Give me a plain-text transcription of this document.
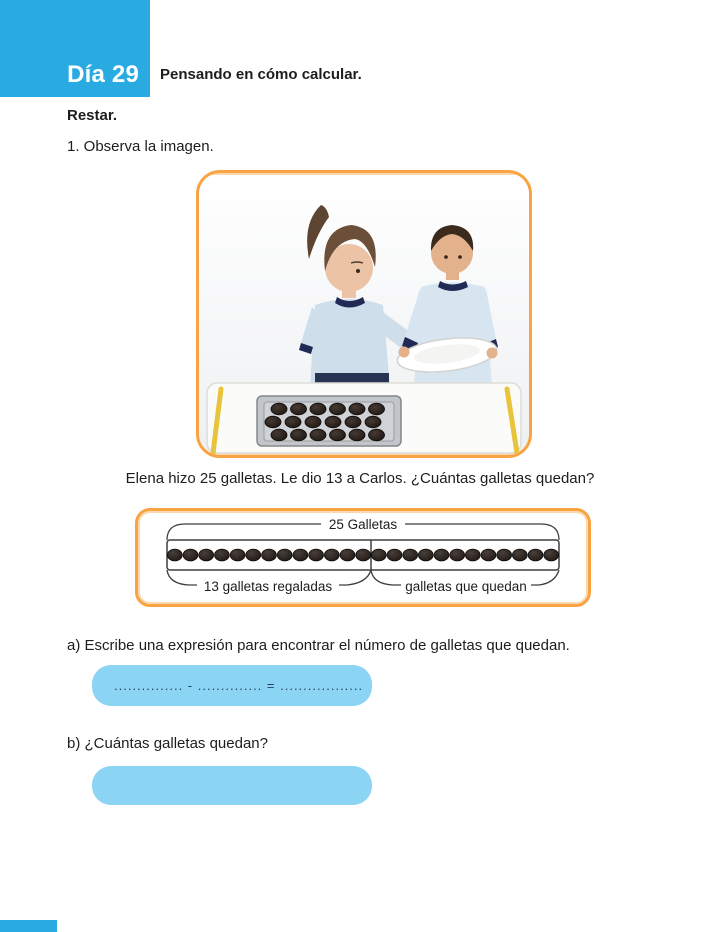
Día 29 Pensando en cómo calcular.
Restar.
1. Observa la imagen.
Elena hizo 25 galletas. Le dio 13 a Carlos. ¿Cuántas galletas quedan?
25 Galletas
13 galletas regaladas	galletas que quedan
a) Escribe una expresión para encontrar el número de galletas que quedan.
............... - .............. = ..................
b) ¿Cuántas galletas quedan?
